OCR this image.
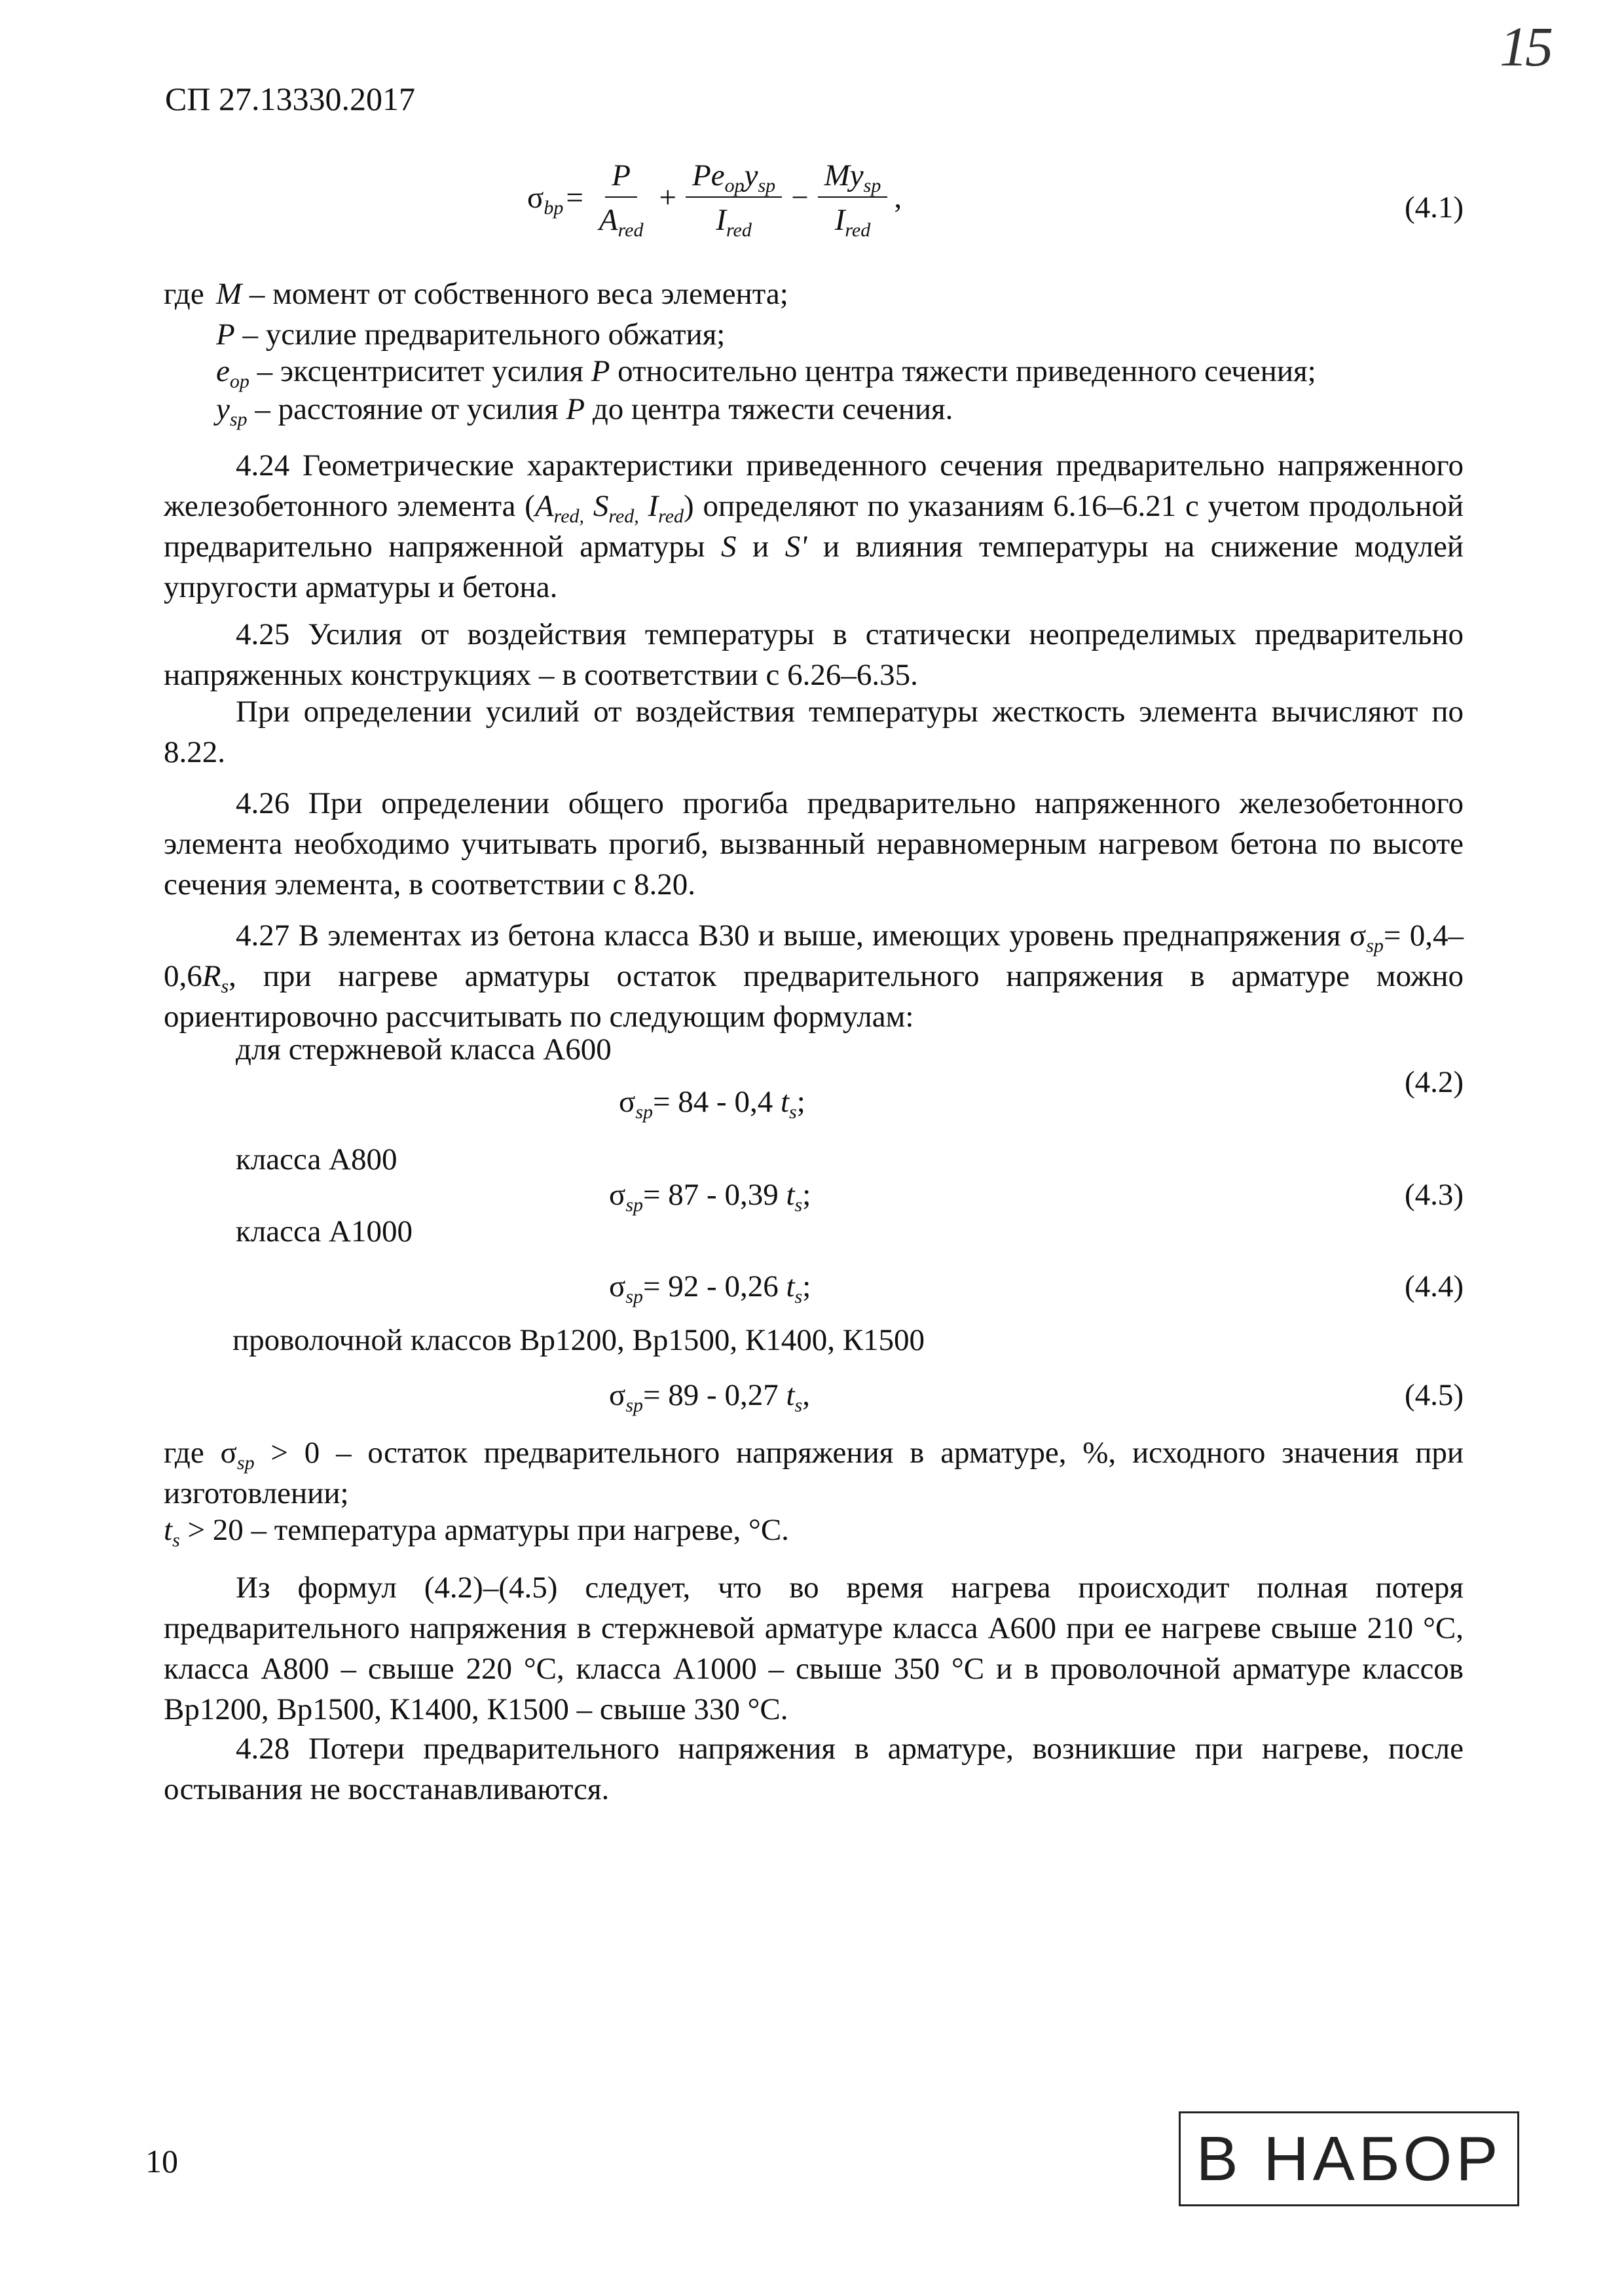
СП 27.13330.2017
15
$\sigma_{bp} = \frac{P}{A_{red}} + \frac{Pe_{op}y_{sp}}{I_{red}} - \frac{My_{sp}}{I_{red}}$ ,	(4.1)
где M – момент от собственного веса элемента;
P – усилие предварительного обжатия;
$e_{op}$ – эксцентриситет усилия P относительно центра тяжести приведенного сечения;
$y_{sp}$ – расстояние от усилия P до центра тяжести сечения.
4.24 Геометрические характеристики приведенного сечения предварительно напряженного железобетонного элемента ($A_{red,}$ $S_{red,}$ $I_{red}$) определяют по указаниям 6.16–6.21 с учетом продольной предварительно напряженной арматуры S и S' и влияния температуры на снижение модулей упругости арматуры и бетона.
4.25 Усилия от воздействия температуры в статически неопределимых предварительно напряженных конструкциях – в соответствии с 6.26–6.35.
При определении усилий от воздействия температуры жесткость элемента вычисляют по 8.22.
4.26 При определении общего прогиба предварительно напряженного железобетонного элемента необходимо учитывать прогиб, вызванный неравномерным нагревом бетона по высоте сечения элемента, в соответствии с 8.20.
4.27 В элементах из бетона класса В30 и выше, имеющих уровень преднапряжения $\sigma_{sp}= 0,4-0,6R_s$, при нагреве арматуры остаток предварительного напряжения в арматуре можно ориентировочно рассчитывать по следующим формулам:
для стержневой класса А600
$\sigma_{sp}= 84 - 0,4$ $t_s$;
(4.2)
класса А800
$\sigma_{sp}= 87 - 0,39$ $t_s$;	(4.3)
класса А1000
$\sigma_{sp}= 92 - 0,26$ $t_s$;	(4.4)
проволочной классов Bр1200, Bр1500, К1400, К1500
$\sigma_{sp}= 89 - 0,27$ $t_s$,	(4.5)
где $\sigma_{sp} > 0$ – остаток предварительного напряжения в арматуре, %, исходного значения при изготовлении;
$t_s > 20$ – температура арматуры при нагреве, °С.
Из формул (4.2)–(4.5) следует, что во время нагрева происходит полная потеря предварительного напряжения в стержневой арматуре класса А600 при ее нагреве свыше 210 °С, класса А800 – свыше 220 °С, класса А1000 – свыше 350 °С и в проволочной арматуре классов Bр1200, Bр1500, К1400, К1500 – свыше 330 °С.
4.28 Потери предварительного напряжения в арматуре, возникшие при нагреве, после остывания не восстанавливаются.
10	В НАБОР
